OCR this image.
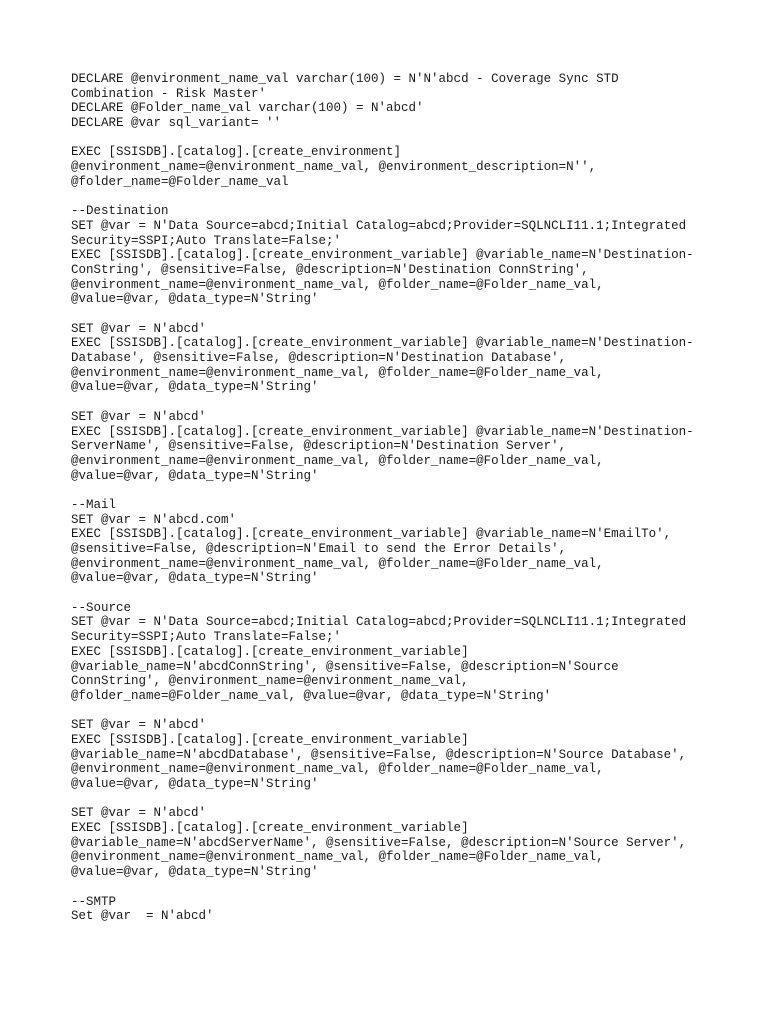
DECLARE @environment_name_val varchar(100) = N'N'abcd - Coverage Sync STD
Combination - Risk Master'
DECLARE @Folder_name_val varchar(100) = N'abcd'
DECLARE @var sql_variant= ''
EXEC [SSISDB].[catalog].[create_environment]
@environment_name=@environment_name_val, @environment_description=N'',
@folder_name=@Folder_name_val
--Destination
SET @var = N'Data Source=abcd;Initial Catalog=abcd;Provider=SQLNCLI11.1;Integrated
Security=SSPI;Auto Translate=False;'
EXEC [SSISDB].[catalog].[create_environment_variable] @variable_name=N'Destination-
ConString', @sensitive=False, @description=N'Destination ConnString',
@environment_name=@environment_name_val, @folder_name=@Folder_name_val,
@value=@var, @data_type=N'String'
SET @var = N'abcd'
EXEC [SSISDB].[catalog].[create_environment_variable] @variable_name=N'Destination-
Database', @sensitive=False, @description=N'Destination Database',
@environment_name=@environment_name_val, @folder_name=@Folder_name_val,
@value=@var, @data_type=N'String'
SET @var = N'abcd'
EXEC [SSISDB].[catalog].[create_environment_variable] @variable_name=N'Destination-
ServerName', @sensitive=False, @description=N'Destination Server',
@environment_name=@environment_name_val, @folder_name=@Folder_name_val,
@value=@var, @data_type=N'String'
--Mail
SET @var = N'abcd.com'
EXEC [SSISDB].[catalog].[create_environment_variable] @variable_name=N'EmailTo',
@sensitive=False, @description=N'Email to send the Error Details',
@environment_name=@environment_name_val, @folder_name=@Folder_name_val,
@value=@var, @data_type=N'String'
--Source
SET @var = N'Data Source=abcd;Initial Catalog=abcd;Provider=SQLNCLI11.1;Integrated
Security=SSPI;Auto Translate=False;'
EXEC [SSISDB].[catalog].[create_environment_variable]
@variable_name=N'abcdConnString', @sensitive=False, @description=N'Source
ConnString', @environment_name=@environment_name_val,
@folder_name=@Folder_name_val, @value=@var, @data_type=N'String'
SET @var = N'abcd'
EXEC [SSISDB].[catalog].[create_environment_variable]
@variable_name=N'abcdDatabase', @sensitive=False, @description=N'Source Database',
@environment_name=@environment_name_val, @folder_name=@Folder_name_val,
@value=@var, @data_type=N'String'
SET @var = N'abcd'
EXEC [SSISDB].[catalog].[create_environment_variable]
@variable_name=N'abcdServerName', @sensitive=False, @description=N'Source Server',
@environment_name=@environment_name_val, @folder_name=@Folder_name_val,
@value=@var, @data_type=N'String'
--SMTP
Set @var  = N'abcd'
